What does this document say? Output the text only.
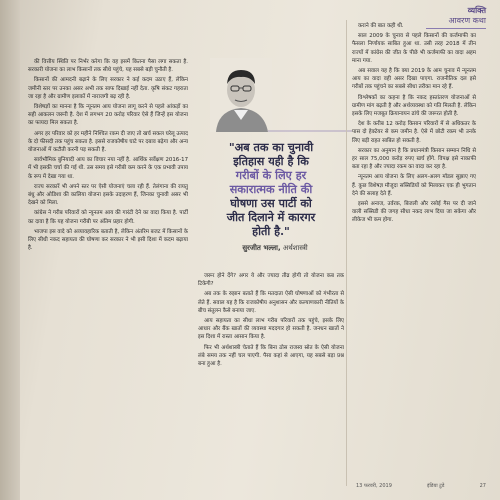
व्यक्ति
आवरण कथा

की वित्तीय स्थिति पर निर्भर करेगा कि वह इसमें कितना पैसा लगा सकता है. सरकारी योजना का लाभ किसानों तक सीधे पहुंचे, यह सबसे बड़ी चुनौती है.

किसानों की आमदनी बढ़ाने के लिए सरकार ने कई कदम उठाए हैं, लेकिन जमीनी स्तर पर उनका असर अभी तक साफ दिखाई नहीं देता. कृषि संकट गहराता जा रहा है और ग्रामीण इलाकों में नाराजगी बढ़ रही है.

विशेषज्ञों का मानना है कि न्यूनतम आय योजना लागू करने से पहले आंकड़ों का सही आकलन जरूरी है. देश में लगभग 20 करोड़ परिवार ऐसे हैं जिन्हें इस योजना का फायदा मिल सकता है.

अगर हर परिवार को हर महीने निश्चित रकम दी जाए तो खर्च सकल घरेलू उत्पाद के दो फीसदी तक पहुंच सकता है. इससे राजकोषीय घाटे पर दबाव बढ़ेगा और अन्य योजनाओं में कटौती करनी पड़ सकती है.

सार्वभौमिक बुनियादी आय का विचार नया नहीं है. आर्थिक सर्वेक्षण 2016-17 में भी इसकी चर्चा की गई थी. उस समय इसे गरीबी कम करने के एक प्रभावी उपाय के रूप में देखा गया था.

राज्य सरकारें भी अपने स्तर पर ऐसी योजनाएं चला रही हैं. तेलंगाना की रायतु बंधु और ओडिशा की कालिया योजना इसके उदाहरण हैं, जिनका चुनावी असर भी देखने को मिला.

कांग्रेस ने गरीब परिवारों को न्यूनतम आय की गारंटी देने का वादा किया है. पार्टी का दावा है कि यह योजना गरीबी पर अंतिम प्रहार होगी.

भाजपा इस वादे को अव्यावहारिक बताती है, लेकिन अंतरिम बजट में किसानों के लिए सीधी नकद सहायता की घोषणा कर सरकार ने भी इसी दिशा में कदम बढ़ाया है.

"अब तक का चुनावी
इतिहास यही है कि
गरीबों के लिए हर
सकारात्मक नीति की
घोषणा उस पार्टी को
जीत दिलाने में कारगर
होती है."
सुरजीत भल्ला, अर्थशास्त्री

जरूर होने देंगे? अगर ये और ज्यादा तीव्र होगी तो योजना कब तक टिकेगी?

अब तक के रुझान बताते हैं कि मतदाता ऐसी घोषणाओं को गंभीरता से लेते हैं. सवाल यह है कि राजकोषीय अनुशासन और कल्याणकारी नीतियों के बीच संतुलन कैसे बनाया जाए.

आय सहायता का सीधा लाभ गरीब परिवारों तक पहुंचे, इसके लिए आधार और बैंक खातों की व्यवस्था मददगार हो सकती है. जनधन खातों ने इस दिशा में रास्ता आसान किया है.

फिर भी अर्थशास्त्री चेताते हैं कि बिना ठोस राजस्व स्रोत के ऐसी योजना लंबे समय तक नहीं चल पाएगी. पैसा कहां से आएगा, यह सबसे बड़ा प्रश्न बना हुआ है.

कराने की बात कही थी.

साल 2009 के चुनाव से पहले किसानों की कर्जमाफी का फैसला निर्णायक साबित हुआ था. उसी तरह 2018 में तीन राज्यों में कांग्रेस की जीत के पीछे भी कर्जमाफी का वादा अहम माना गया.

अब सवाल यह है कि क्या 2019 के आम चुनाव में न्यूनतम आय का वादा वही असर दिखा पाएगा. राजनीतिक दल इसे गरीबों तक पहुंचने का सबसे सीधा तरीका मान रहे हैं.

विश्लेषकों का कहना है कि नकद हस्तांतरण योजनाओं से ग्रामीण मांग बढ़ती है और अर्थव्यवस्था को गति मिलती है. लेकिन इसके लिए मजबूत क्रियान्वयन ढांचे की जरूरत होती है.

देश के करीब 12 करोड़ किसान परिवारों में से अधिकतर के पास दो हेक्टेयर से कम जमीन है. ऐसे में छोटी रकम भी उनके लिए बड़ी राहत साबित हो सकती है.

सरकार का अनुमान है कि प्रधानमंत्री किसान सम्मान निधि से हर साल 75,000 करोड़ रुपए खर्च होंगे. विपक्ष इसे नाकाफी बता रहा है और ज्यादा रकम का वादा कर रहा है.

न्यूनतम आय योजना के लिए अलग-अलग मॉडल सुझाए गए हैं. कुछ विशेषज्ञ मौजूदा सब्सिडियों को मिलाकर एक ही भुगतान देने की सलाह देते हैं.

इससे अनाज, उर्वरक, बिजली और रसोई गैस पर दी जाने वाली सब्सिडी की जगह सीधा नकद लाभ दिया जा सकेगा और लीकेज भी कम होगा.

13 फरवरी, 2019	इंडिया टुडे	27
